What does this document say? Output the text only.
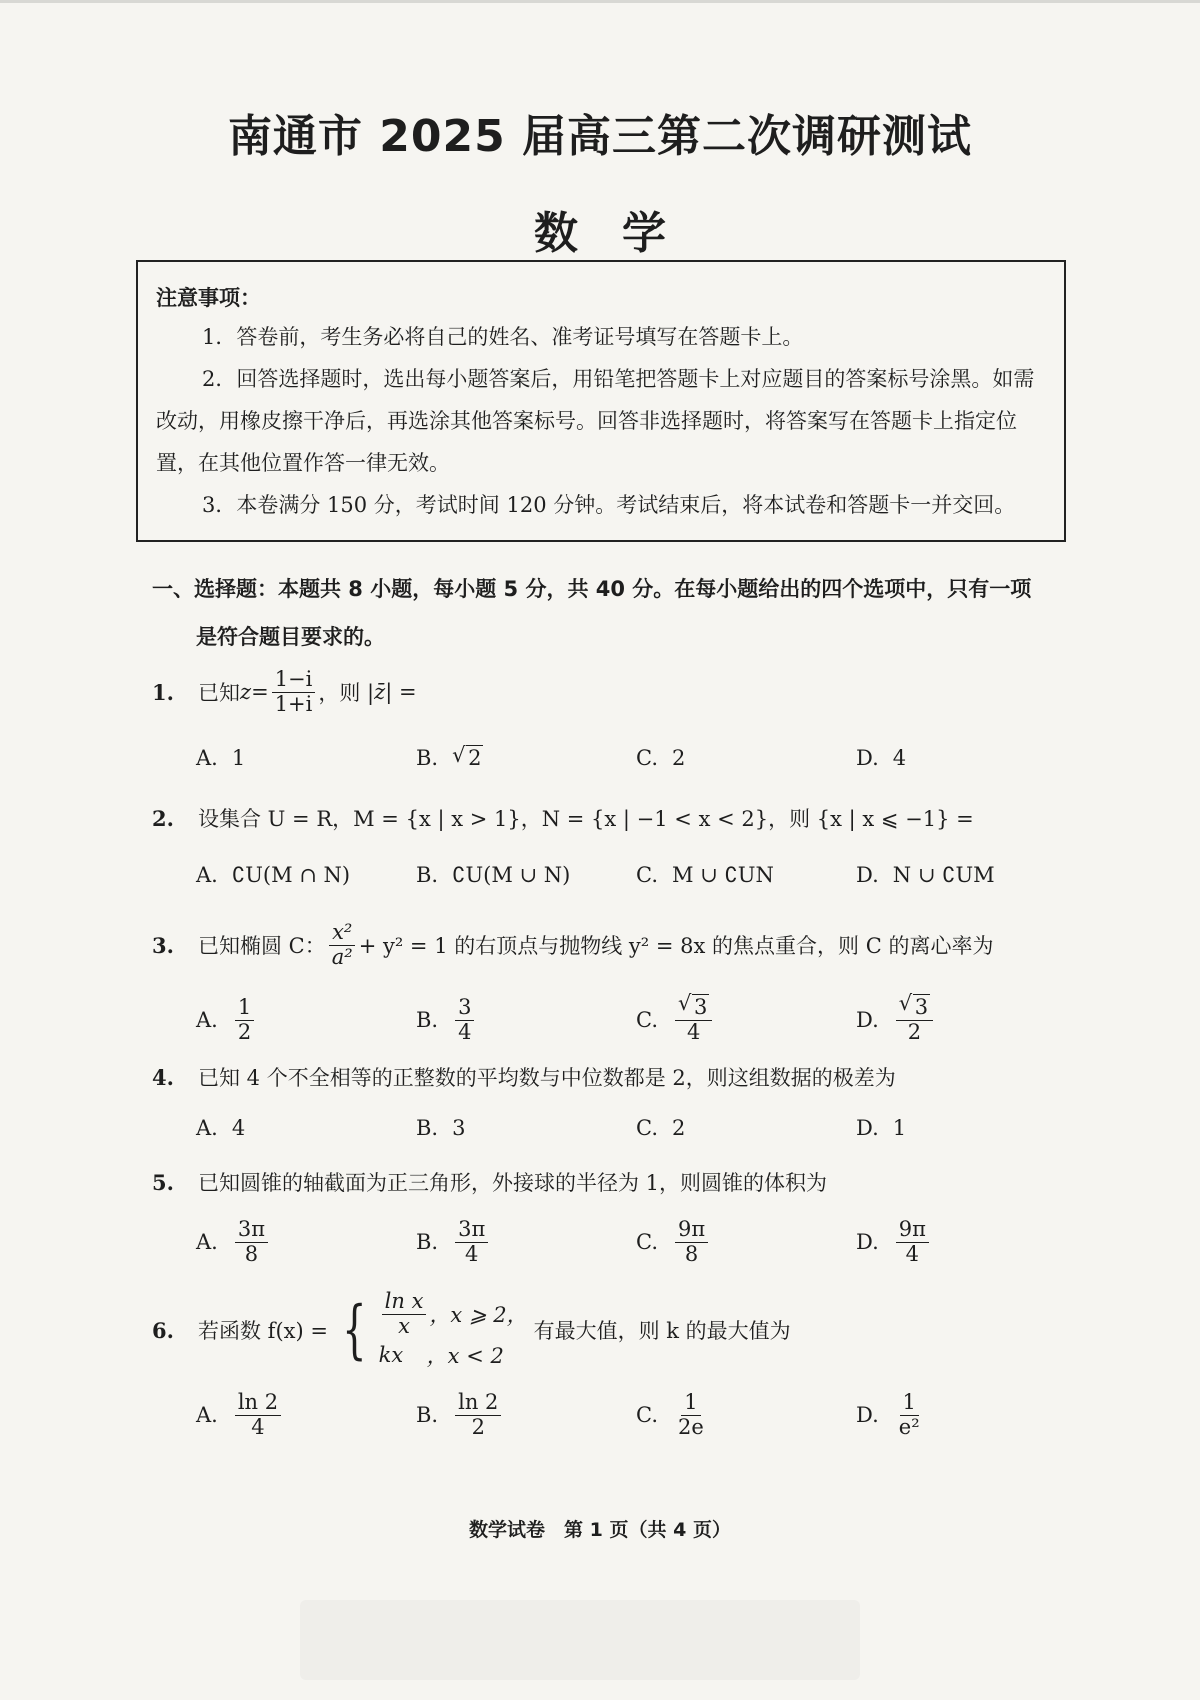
南通市 2025 届高三第二次调研测试
数　学
注意事项：
1．答卷前，考生务必将自己的姓名、准考证号填写在答题卡上。
2．回答选择题时，选出每小题答案后，用铅笔把答题卡上对应题目的答案标号涂黑。如需改动，用橡皮擦干净后，再选涂其他答案标号。回答非选择题时，将答案写在答题卡上指定位置，在其他位置作答一律无效。
3．本卷满分 150 分，考试时间 120 分钟。考试结束后，将本试卷和答题卡一并交回。
一、选择题：本题共 8 小题，每小题 5 分，共 40 分。在每小题给出的四个选项中，只有一项
是符合题目要求的。
1.	已知 $z = \frac{1-i}{1+i}$ ，则 | z̄ | =
A. 1	B. √ 2	C. 2	D. 4
2.	设集合 U = R，M = {x | x > 1}，N = {x | −1 < x < 2}，则 {x | x ⩽ −1} =
A. ∁U(M ∩ N)	B. ∁U(M ∪ N)	C. M ∪ ∁UN	D. N ∪ ∁UM
3.	已知椭圆 C： $\frac{\text{x²}}{\text{a²}} + y^2 = 1$ 的右顶点与抛物线 y² = 8x 的焦点重合，则 C 的离心率为
A. $\frac{1}{2}$	B. $\frac{3}{4}$	C. $\frac{√ 3}{4}$	D. $\frac{√ 3}{2}$
4.	已知 4 个不全相等的正整数的平均数与中位数都是 2，则这组数据的极差为
A. 4	B. 3	C. 2	D. 1
5.	已知圆锥的轴截面为正三角形，外接球的半径为 1，则圆锥的体积为
A. $\frac{3\pi}{8}$	B. $\frac{3\pi}{4}$	C. $\frac{9\pi}{8}$	D. $\frac{9\pi}{4}$
6.	若函数 f(x) = { $\frac{\text{ln x}}{x}$ ，x ⩾ 2，
kx	，x < 2
有最大值，则 k 的最大值为
A. $\frac{\ln 2}{4}$	B. $\frac{\ln 2}{2}$	C. $\frac{1}{2e}$	D. $\frac{1}{\text{e²}}$
数学试卷　第 1 页（共 4 页）
